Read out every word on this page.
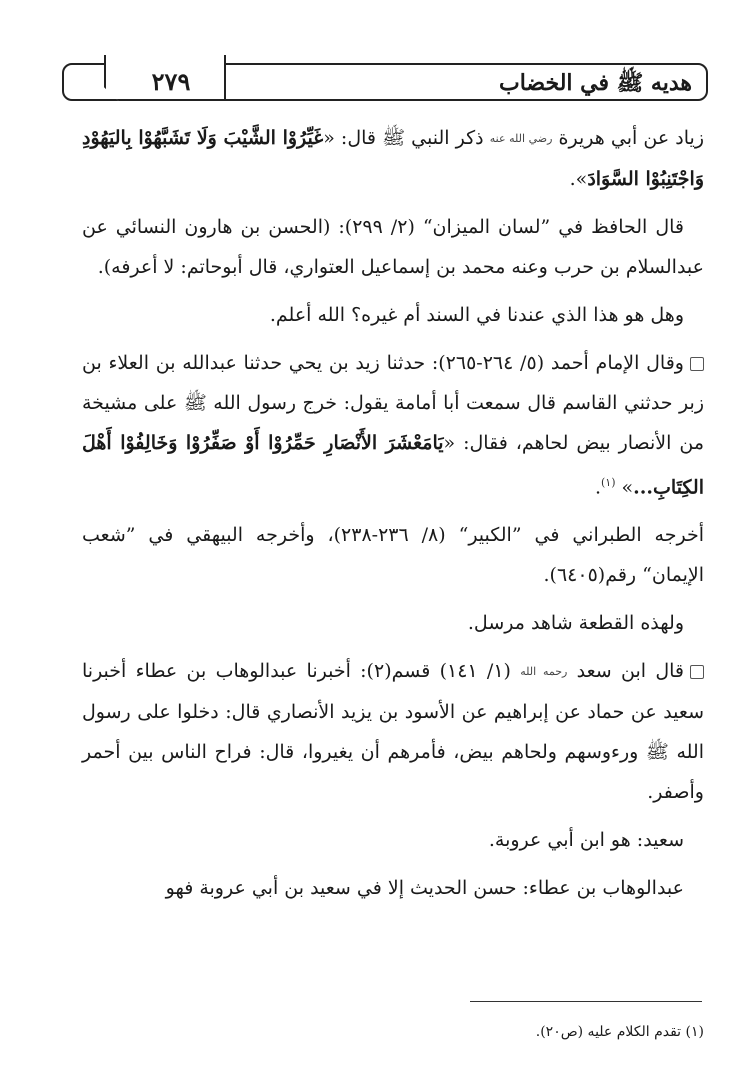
هديه ﷺ في الخضاب
٢٧٩

زياد عن أبي هريرة رضي الله عنه ذكر النبي ﷺ قال: «غَيِّرُوْا الشَّيْبَ وَلَا تَشَبَّهُوْا بِاليَهُوْدِ وَاجْتَنِبُوْا السَّوَادَ».

قال الحافظ في ”لسان الميزان“ (٢/ ٢٩٩): (الحسن بن هارون النسائي عن عبدالسلام بن حرب وعنه محمد بن إسماعيل العتواري، قال أبوحاتم: لا أعرفه).

وهل هو هذا الذي عندنا في السند أم غيره؟ الله أعلم.

وقال الإمام أحمد (٥/ ٢٦٤-٢٦٥): حدثنا زيد بن يحي حدثنا عبدالله بن العلاء بن زبر حدثني القاسم قال سمعت أبا أمامة يقول: خرج رسول الله ﷺ على مشيخة من الأنصار بيض لحاهم، فقال: «يَامَعْشَرَ الأَنْصَارِ حَمِّرُوْا أَوْ صَفِّرُوْا وَخَالِفُوْا أَهْلَ الكِتَابِ...» $^{(١)}$.

أخرجه الطبراني في ”الكبير“ (٨/ ٢٣٦-٢٣٨)، وأخرجه البيهقي في ”شعب الإيمان“ رقم(٦٤٠٥).

ولهذه القطعة شاهد مرسل.

قال ابن سعد رحمه الله (١/ ١٤١) قسم(٢): أخبرنا عبدالوهاب بن عطاء أخبرنا سعيد عن حماد عن إبراهيم عن الأسود بن يزيد الأنصاري قال: دخلوا على رسول الله ﷺ ورءوسهم ولحاهم بيض، فأمرهم أن يغيروا، قال: فراح الناس بين أحمر وأصفر.

سعيد: هو ابن أبي عروبة.

عبدالوهاب بن عطاء: حسن الحديث إلا في سعيد بن أبي عروبة فهو

(١) تقدم الكلام عليه (ص٢٠).
